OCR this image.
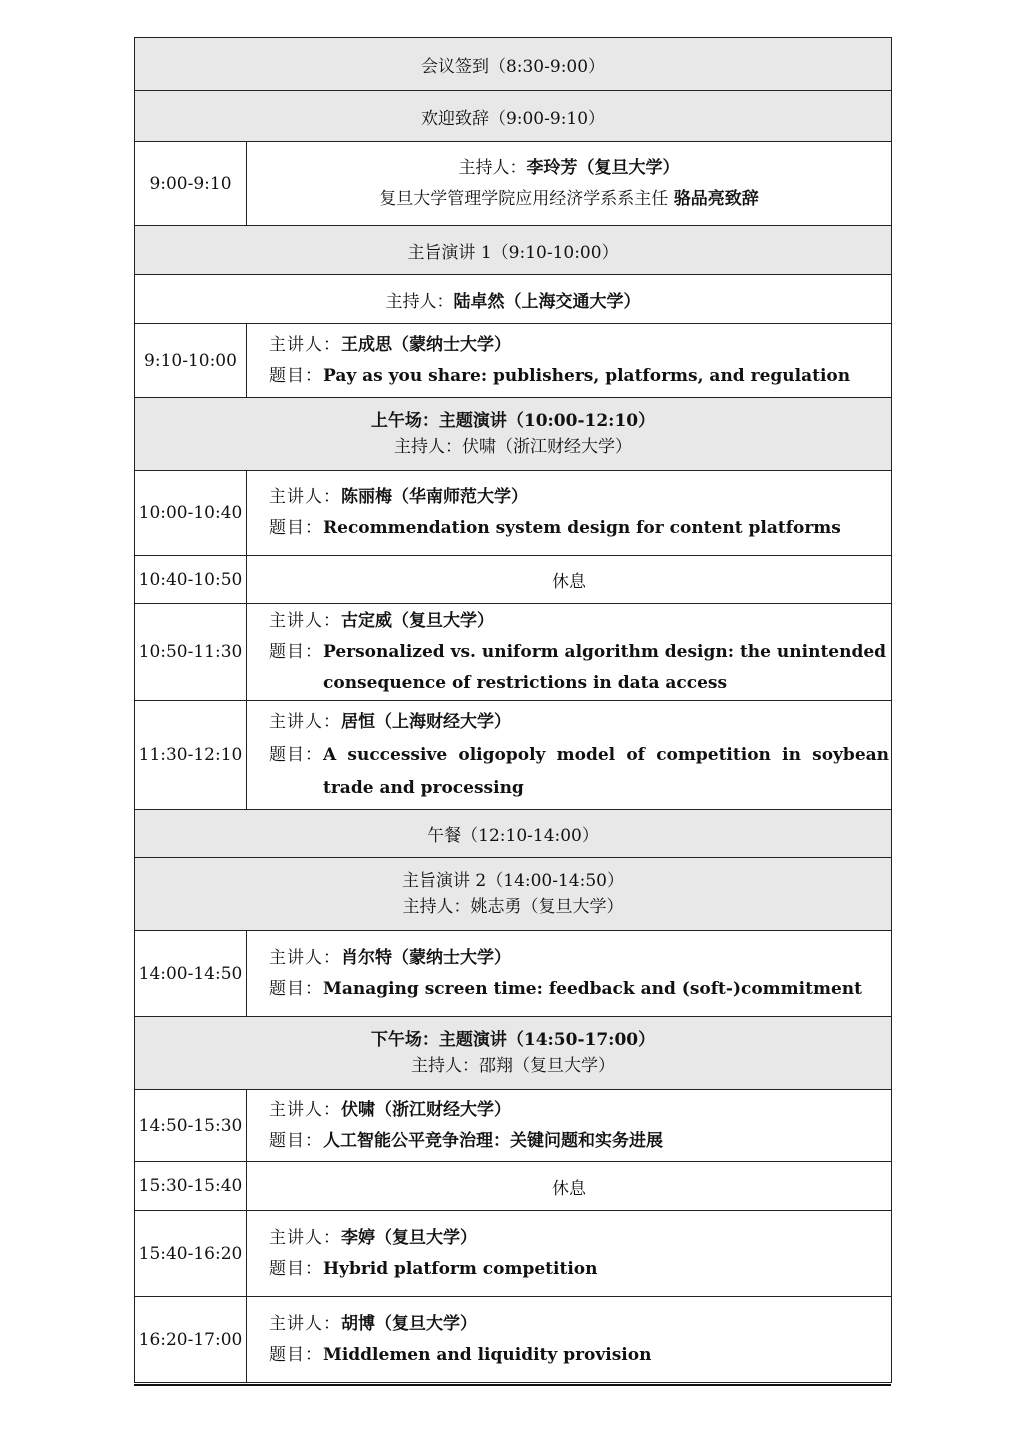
会议签到（8:30-9:00）	
欢迎致辞（9:00-9:10）	
9:00-9:10	主持人：李玲芳（复旦大学）
复旦大学管理学院应用经济学系系主任 骆品亮致辞

主旨演讲 1（9:10-10:00）	
主持人：陆卓然（上海交通大学）	
9:10-10:00	主讲人： 王成思（蒙纳士大学）
题目： Pay as you share: publishers, platforms, and regulation

上午场：主题演讲（10:00-12:10）
主持人：伏啸（浙江财经大学）	

10:00-10:40	主讲人： 陈丽梅（华南师范大学）
题目： Recommendation system design for content platforms

10:40-10:50	休息
10:50-11:30	主讲人： 古定威（复旦大学）
题目： Personalized vs. uniform algorithm design: the unintended consequence of restrictions in data access

11:30-12:10	主讲人： 居恒（上海财经大学）
题目： A successive oligopoly model of competition in soybean trade and processing

午餐（12:10-14:00）	

主旨演讲 2（14:00-14:50）
主持人：姚志勇（复旦大学）	

14:00-14:50	主讲人： 肖尔特（蒙纳士大学）
题目： Managing screen time: feedback and (soft-)commitment

下午场：主题演讲（14:50-17:00）
主持人：邵翔（复旦大学）	

14:50-15:30	主讲人： 伏啸（浙江财经大学）
题目： 人工智能公平竞争治理：关键问题和实务进展

15:30-15:40	休息
15:40-16:20	主讲人： 李婷（复旦大学）
题目： Hybrid platform competition

16:20-17:00	主讲人： 胡博（复旦大学）
题目： Middlemen and liquidity provision
